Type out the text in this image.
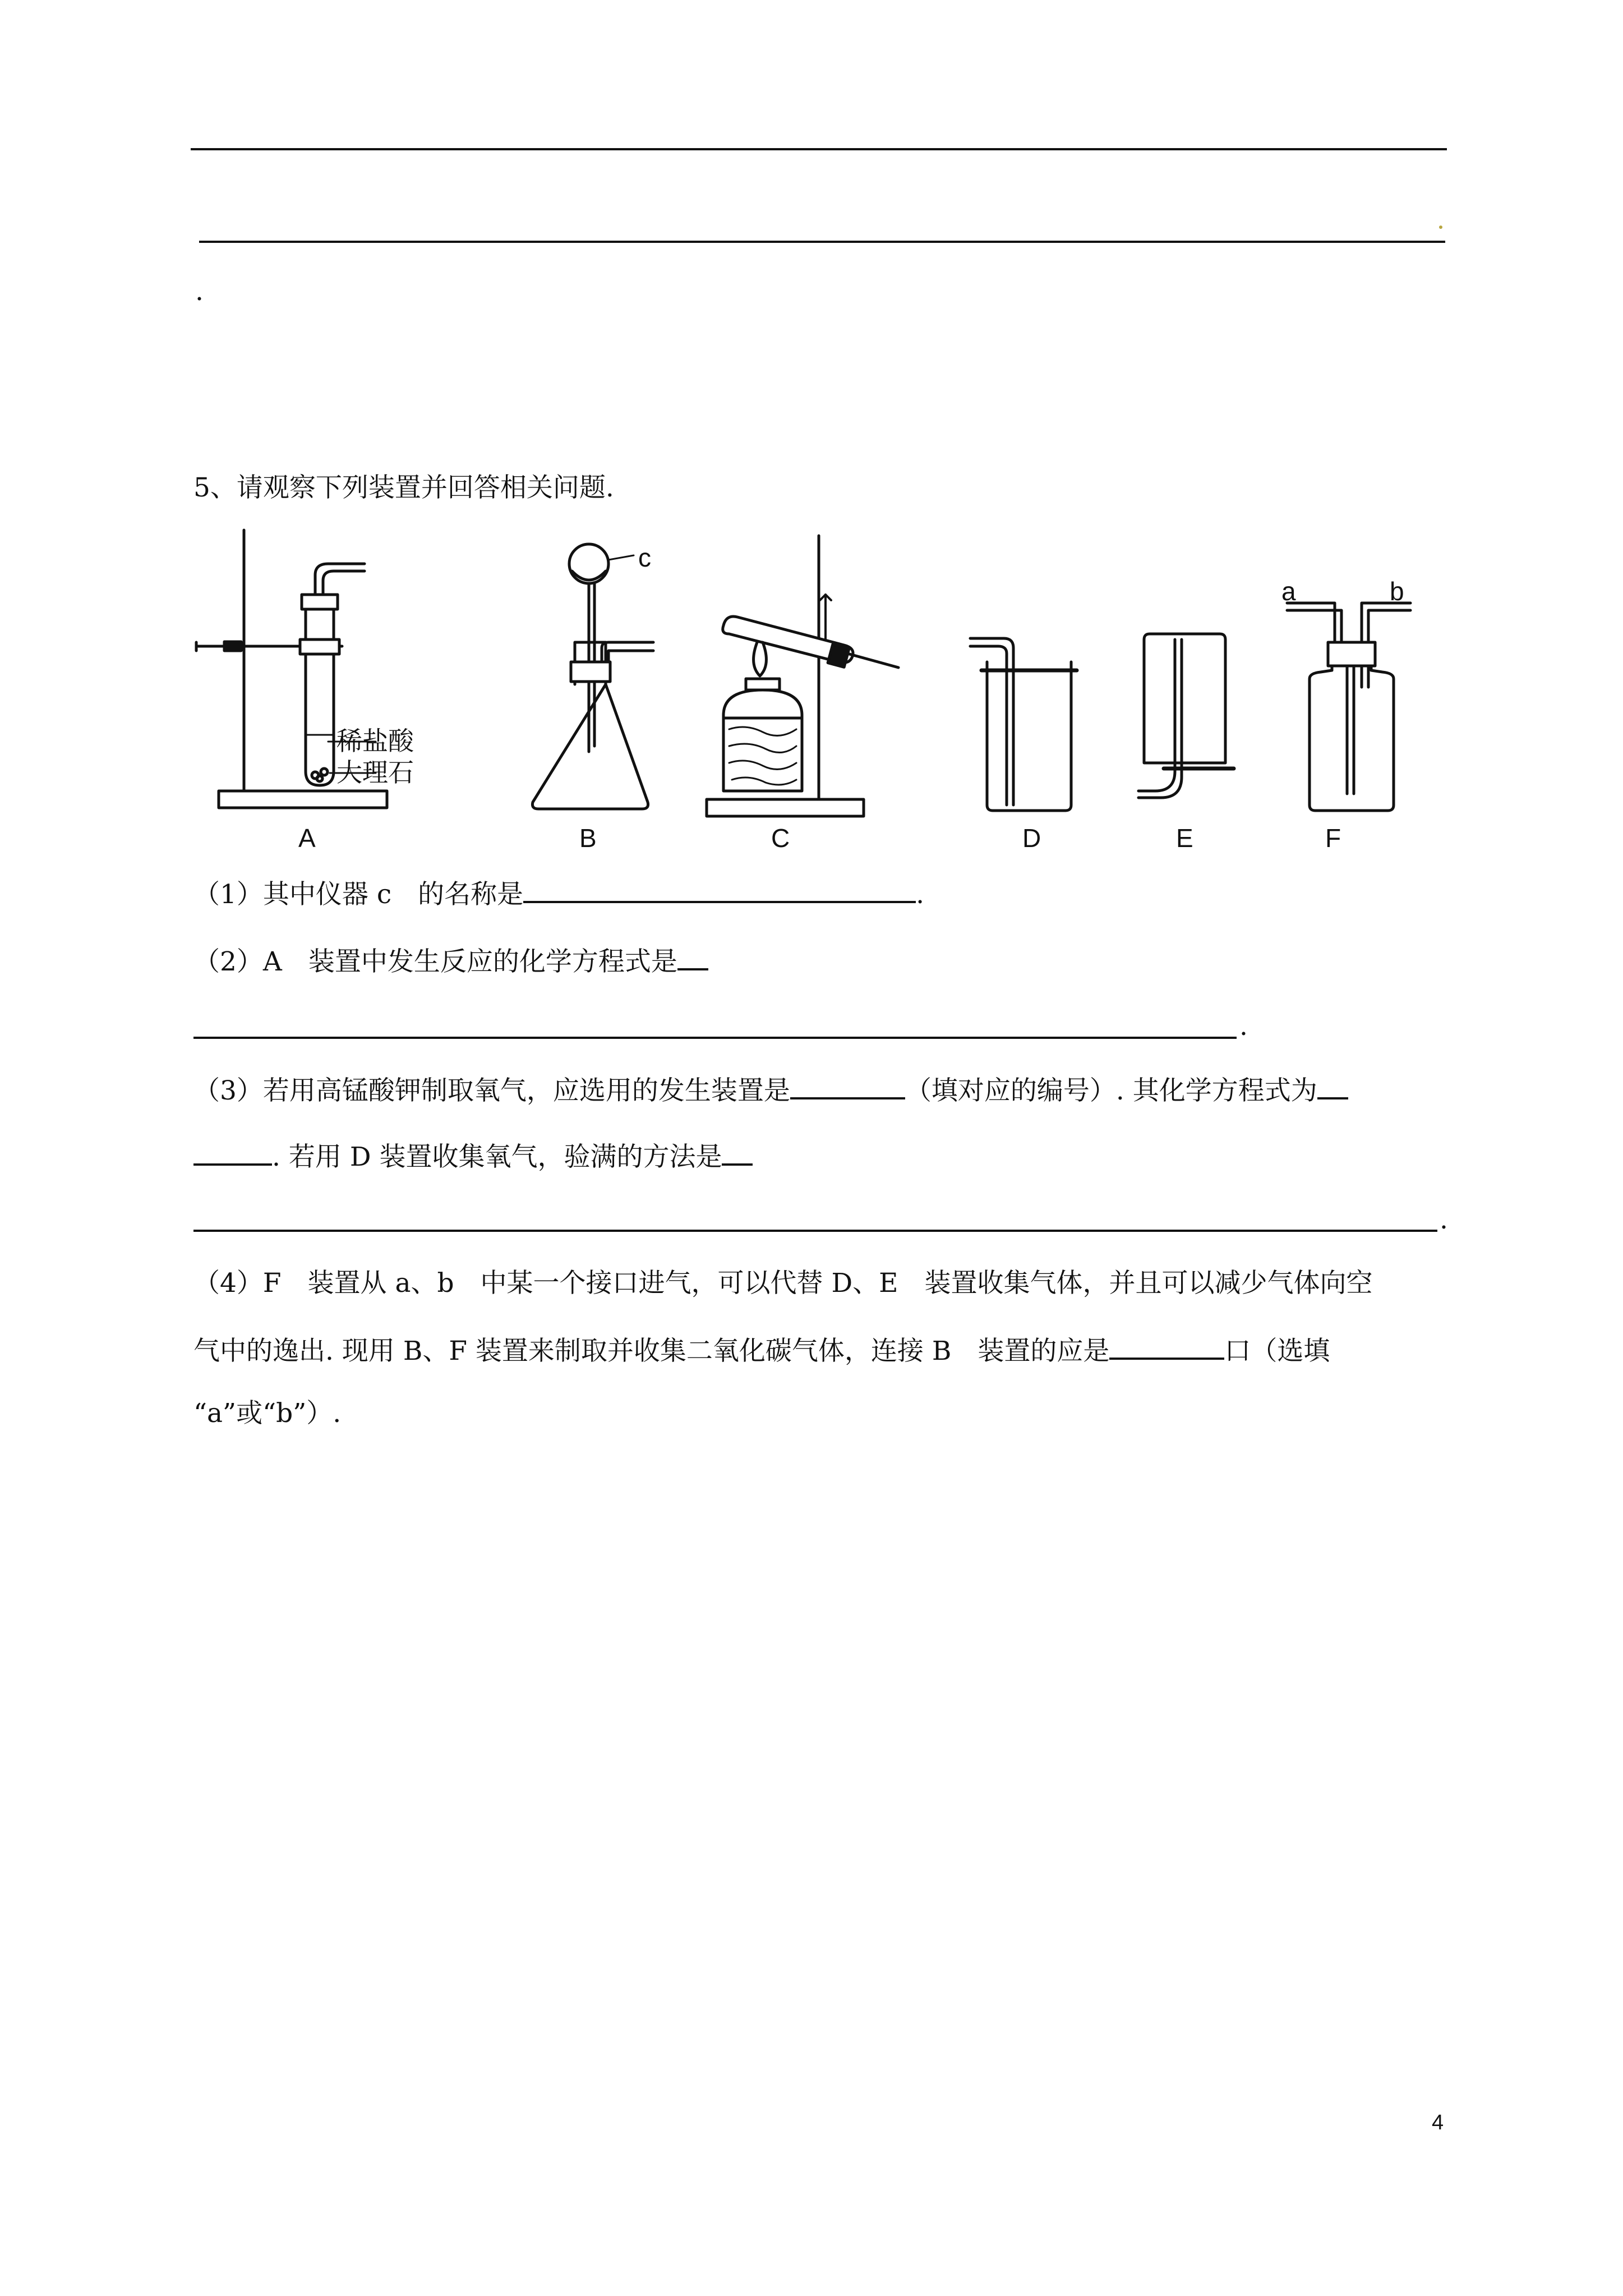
.
5、请观察下列装置并回答相关问题.
稀盐酸
大理石
c
a	b
A	B	C	D	E	F
（1）其中仪器 c　的名称是	.
（2）A　装置中发生反应的化学方程式是
.
（3）若用高锰酸钾制取氧气，应选用的发生装置是	（填对应的编号）. 其化学方程式为
. 若用 D 装置收集氧气，验满的方法是
.
（4）F　装置从 a、b　中某一个接口进气，可以代替 D、E　装置收集气体，并且可以减少气体向空
气中的逸出. 现用 B、F 装置来制取并收集二氧化碳气体，连接 B　装置的应是	口（选填
“a”或“b”）.
4
